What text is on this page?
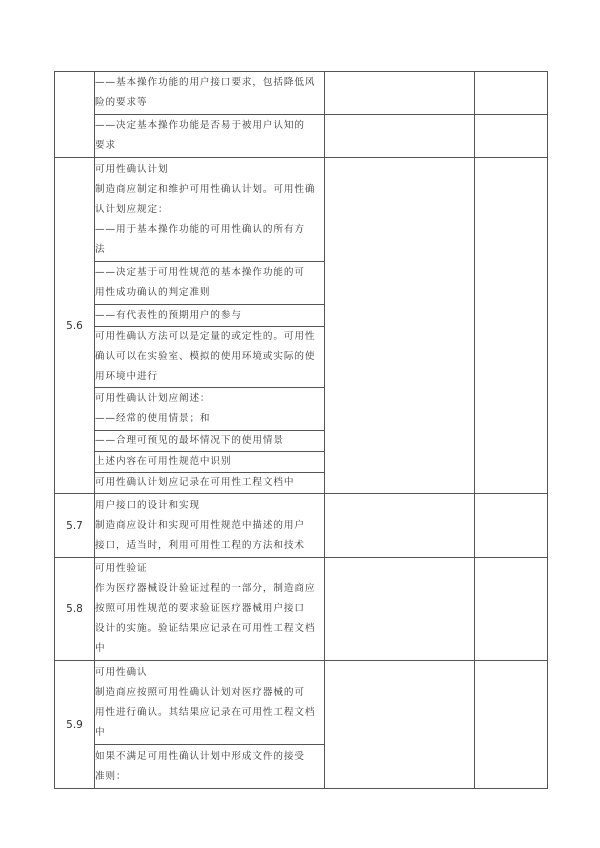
	——基本操作功能的用户接口要求，包括降低风
险的要求等		

	——决定基本操作功能是否易于被用户认知的
要求		

5.6	可用性确认计划
制造商应制定和维护可用性确认计划。可用性确
认计划应规定：
——用于基本操作功能的可用性确认的所有方
法		

	——决定基于可用性规范的基本操作功能的可
用性成功确认的判定准则		

	——有代表性的预期用户的参与		

	可用性确认方法可以是定量的或定性的。可用性
确认可以在实验室、模拟的使用环境或实际的使
用环境中进行		

	可用性确认计划应阐述：
——经常的使用情景；和		

	——合理可预见的最坏情况下的使用情景		

	上述内容在可用性规范中识别		

	可用性确认计划应记录在可用性工程文档中		

5.7	用户接口的设计和实现
制造商应设计和实现可用性规范中描述的用户
接口，适当时，利用可用性工程的方法和技术		

5.8	可用性验证
作为医疗器械设计验证过程的一部分，制造商应
按照可用性规范的要求验证医疗器械用户接口
设计的实施。验证结果应记录在可用性工程文档
中		

5.9	可用性确认
制造商应按照可用性确认计划对医疗器械的可
用性进行确认。其结果应记录在可用性工程文档
中		

	如果不满足可用性确认计划中形成文件的接受
准则：		
